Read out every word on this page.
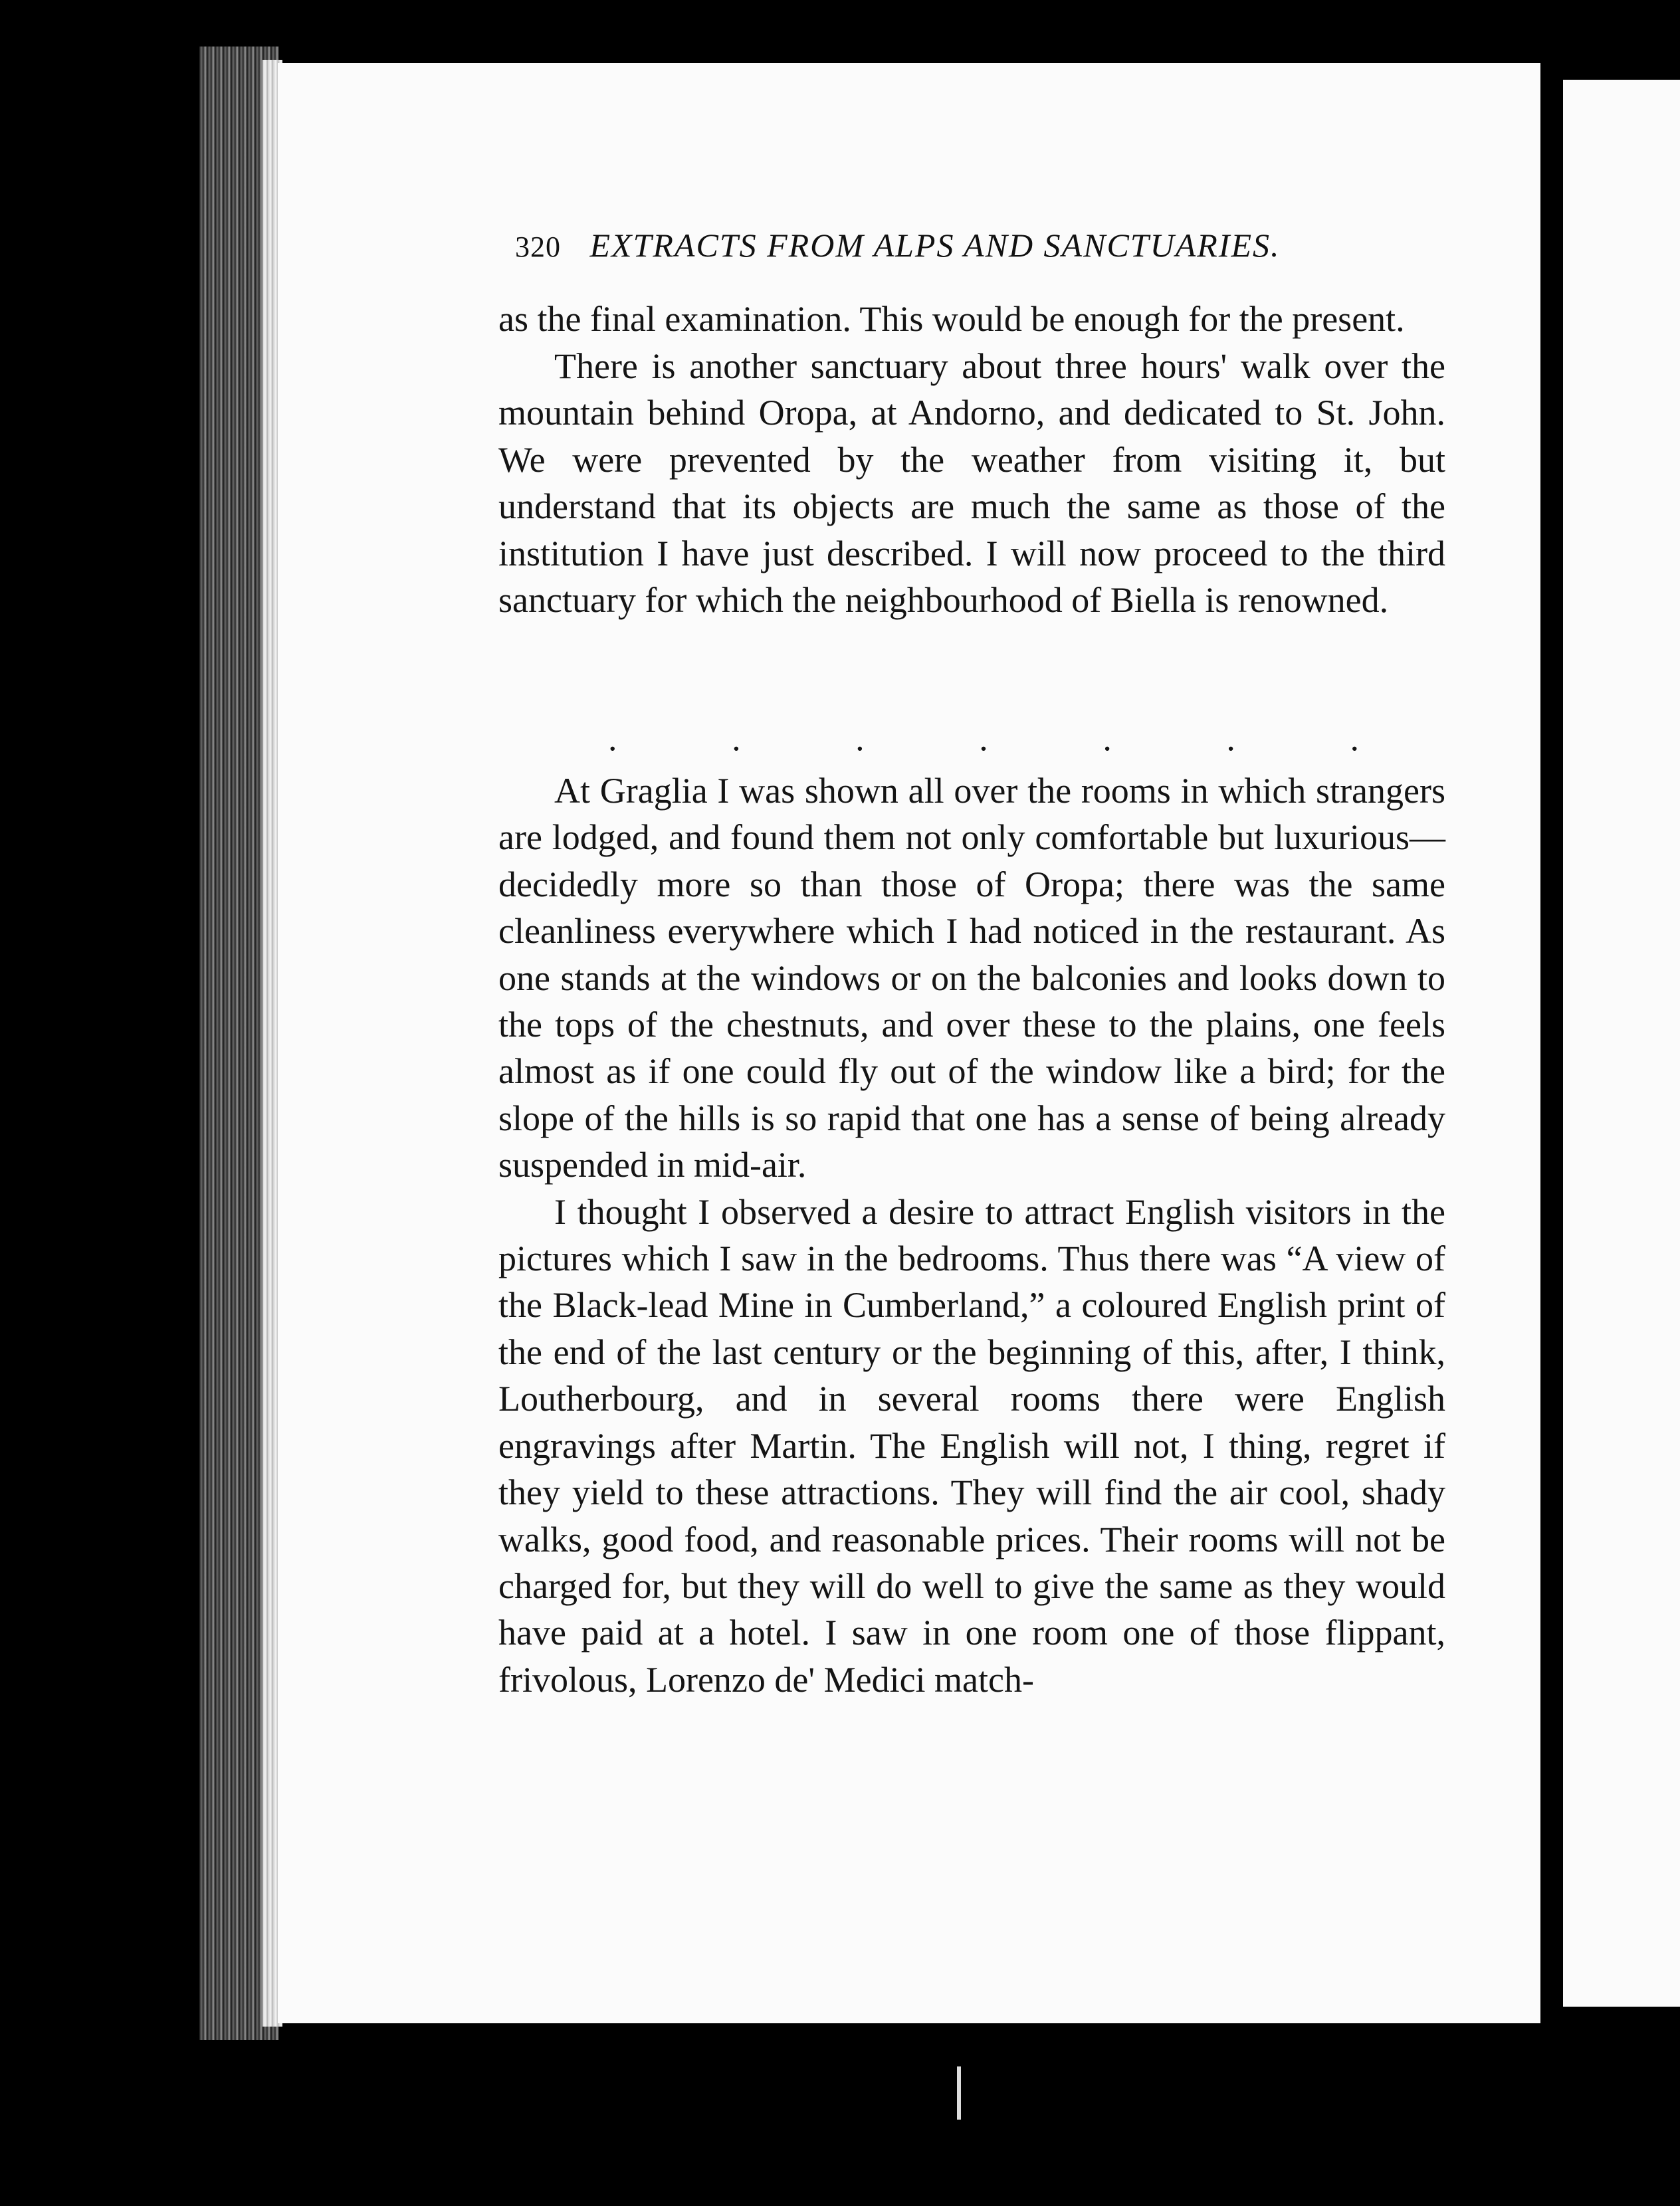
320 EXTRACTS FROM ALPS AND SANCTUARIES.

as the final examination. This would be enough for the present.

There is another sanctuary about three hours' walk over the mountain behind Oropa, at Andorno, and dedicated to St. John. We were prevented by the weather from visiting it, but understand that its objects are much the same as those of the institution I have just described. I will now proceed to the third sanctuary for which the neighbourhood of Biella is renowned.

.	.	.	.	.	.	.

At Graglia I was shown all over the rooms in which strangers are lodged, and found them not only comfortable but luxurious—decidedly more so than those of Oropa; there was the same cleanliness everywhere which I had noticed in the restaurant. As one stands at the windows or on the balconies and looks down to the tops of the chestnuts, and over these to the plains, one feels almost as if one could fly out of the window like a bird; for the slope of the hills is so rapid that one has a sense of being already suspended in mid-air.

I thought I observed a desire to attract English visitors in the pictures which I saw in the bedrooms. Thus there was “A view of the Black-lead Mine in Cumberland,” a coloured English print of the end of the last century or the beginning of this, after, I think, Loutherbourg, and in several rooms there were English engravings after Martin. The English will not, I thing, regret if they yield to these attractions. They will find the air cool, shady walks, good food, and reasonable prices. Their rooms will not be charged for, but they will do well to give the same as they would have paid at a hotel. I saw in one room one of those flippant, frivolous, Lorenzo de' Medici match-
